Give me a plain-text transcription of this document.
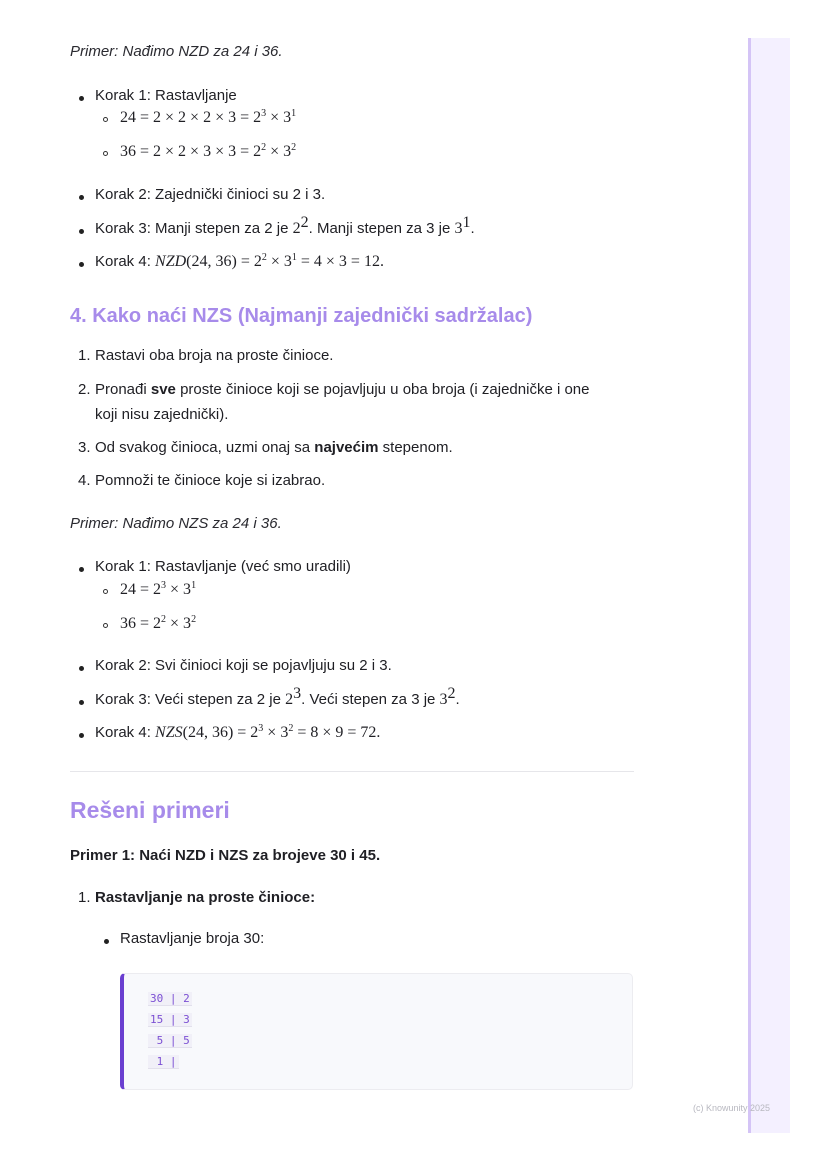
Primer: Nađimo NZD za 24 i 36.
Korak 1: Rastavljanje
$24 = 2 \times 2 \times 2 \times 3 = 2^3 \times 3^1$
$36 = 2 \times 2 \times 3 \times 3 = 2^2 \times 3^2$
Korak 2: Zajednički činioci su 2 i 3.
Korak 3: Manji stepen za 2 je $2^2$. Manji stepen za 3 je $3^1$.
Korak 4: NZD(24, $36) = 2^2 \times 3^1 = 4 \times 3 = 12$.
4. Kako naći NZS (Najmanji zajednički sadržalac)
1. Rastavi oba broja na proste činioce.
2. Pronađi sve proste činioce koji se pojavljuju u oba broja (i zajedničke i one
koji nisu zajednički).
3. Od svakog činioca, uzmi onaj sa najvećim stepenom.
4. Pomnoži te činioce koje si izabrao.
Primer: Nađimo NZS za 24 i 36.
Korak 1: Rastavljanje (već smo uradili)
$24 = 2^3 \times 3^1$
$36 = 2^2 \times 3^2$
Korak 2: Svi činioci koji se pojavljuju su 2 i 3.
Korak 3: Veći stepen za 2 je $2^3$. Veći stepen za 3 je $3^2$.
Korak 4: NZS(24, $36) = 2^3 \times 3^2 = 8 \times 9 = 72$.
Rešeni primeri
Primer 1: Naći NZD i NZS za brojeve 30 i 45.
1. Rastavljanje na proste činioce:
Rastavljanje broja 30:
30 | 2
15 | 3
5 | 5
1 |
(c) Knowunity 2025
